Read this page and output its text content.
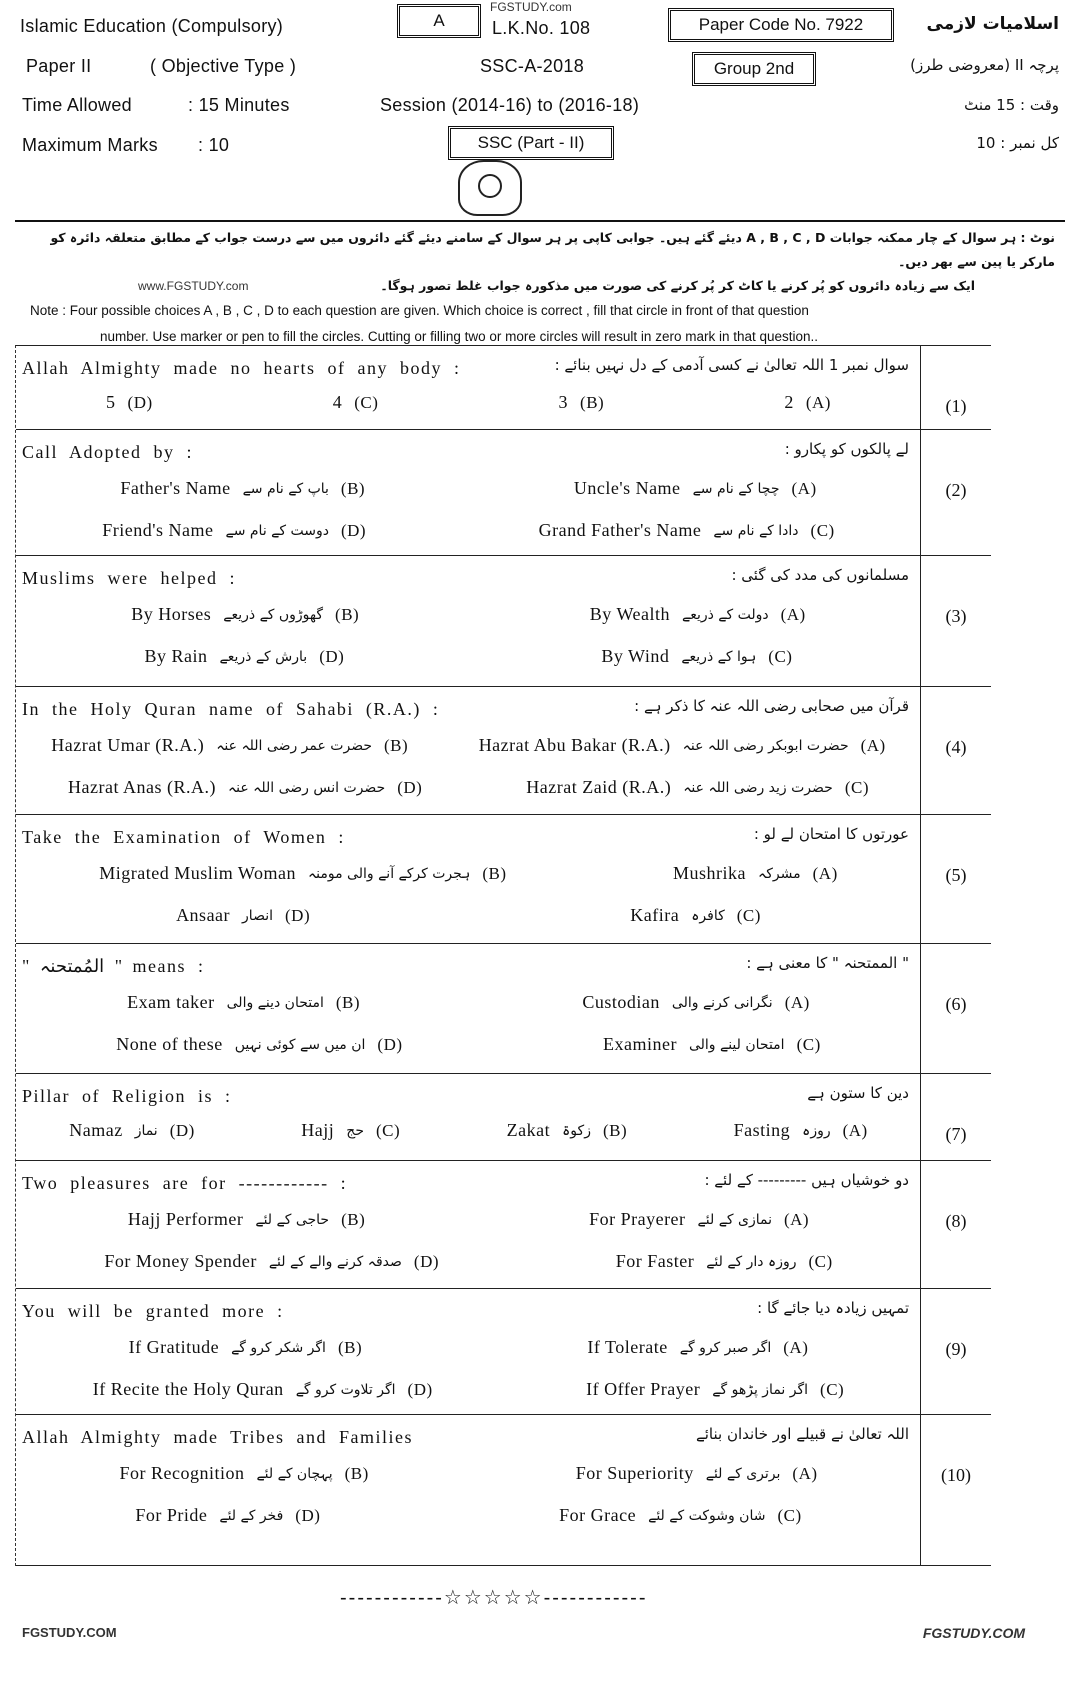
Islamic Education (Compulsory)	A
FGSTUDY.com
L.K.No. 108	Paper Code No. 7922	اسلامیات لازمی
Paper II	( Objective Type )	SSC-A-2018	Group 2nd	پرچہ II (معروضی طرز)
Time Allowed	: 15 Minutes	Session (2014-16) to (2016-18)	وقت : 15 منٹ
Maximum Marks : 10	SSC (Part - II)	کل نمبر : 10
نوٹ : ہر سوال کے چار ممکنہ جوابات A , B , C , D دیئے گئے ہیں۔ جوابی کاپی پر ہر سوال کے سامنے دیئے گئے دائروں میں سے درست جواب کے مطابق متعلقہ دائرہ کو مارکر یا پین سے بھر دیں۔
www.FGSTUDY.com	ایک سے زیادہ دائروں کو پُر کرنے یا کاٹ کر پُر کرنے کی صورت میں مذکورہ جواب غلط تصور ہوگا۔
Note : Four possible choices A , B , C , D to each question are given. Which choice is correct , fill that circle in front of that question
number. Use marker or pen to fill the circles. Cutting or filling two or more circles will result in zero mark in that question..
Allah Almighty made no hearts of any body :	سوال نمبر 1 اللہ تعالیٰ نے کسی آدمی کے دل نہیں بنائے :
(1)
5 (D)	4 (C)	3 (B)	2 (A)
Call Adopted by :	لے پالکوں کو پکارو :
(2)
Father's Name باپ کے نام سے (B)	Uncle's Name چچا کے نام سے (A)
Friend's Name دوست کے نام سے (D)	Grand Father's Name دادا کے نام سے (C)
Muslims were helped :	مسلمانوں کی مدد کی گئی :
(3)
By Horses گھوڑوں کے ذریعے (B)	By Wealth دولت کے ذریعے (A)
By Rain بارش کے ذریعے (D)	By Wind ہوا کے ذریعے (C)
In the Holy Quran name of Sahabi (R.A.) :	قرآن میں صحابی رضی اللہ عنہ کا ذکر ہے :
(4)
Hazrat Umar (R.A.) حضرت عمر رضی اللہ عنہ (B)	Hazrat Abu Bakar (R.A.) حضرت ابوبکر رضی اللہ عنہ (A)
Hazrat Anas (R.A.) حضرت انس رضی اللہ عنہ (D)	Hazrat Zaid (R.A.) حضرت زید رضی اللہ عنہ (C)
Take the Examination of Women :	عورتوں کا امتحان لے لو :
(5)
Migrated Muslim Woman ہجرت کرکے آنے والی مومنہ (B)	Mushrika مشرکہ (A)
Ansaar انصار (D)	Kafira کافرہ (C)
" المُمتحنہ " means :	" الممتحنہ " کا معنی ہے :
(6)
Exam taker امتحان دینے والی (B)	Custodian نگرانی کرنے والی (A)
None of these ان میں سے کوئی نہیں (D)	Examiner امتحان لینے والی (C)
Pillar of Religion is :	دین کا ستون ہے
(7)
Namaz نماز (D)	Hajj حج (C)	Zakat زکوۃ (B)	Fasting روزہ (A)
Two pleasures are for ------------ :	دو خوشیاں ہیں --------- کے لئے :
(8)
Hajj Performer حاجی کے لئے (B)	For Prayerer نمازی کے لئے (A)
For Money Spender صدقہ کرنے والے کے لئے (D)	For Faster روزہ دار کے لئے (C)
You will be granted more :	تمہیں زیادہ دیا جائے گا :
(9)
If Gratitude اگر شکر کرو گے (B)	If Tolerate اگر صبر کرو گے (A)
If Recite the Holy Quran اگر تلاوت کرو گے (D)	If Offer Prayer اگر نماز پڑھو گے (C)
Allah Almighty made Tribes and Families	اللہ تعالیٰ نے قبیلے اور خاندان بنائے
(10)
For Recognition پہچان کے لئے (B)	For Superiority برتری کے لئے (A)
For Pride فخر کے لئے (D)	For Grace شان وشوکت کے لئے (C)
FGSTUDY.COM	FGSTUDY.COM
------------☆☆☆☆☆------------
